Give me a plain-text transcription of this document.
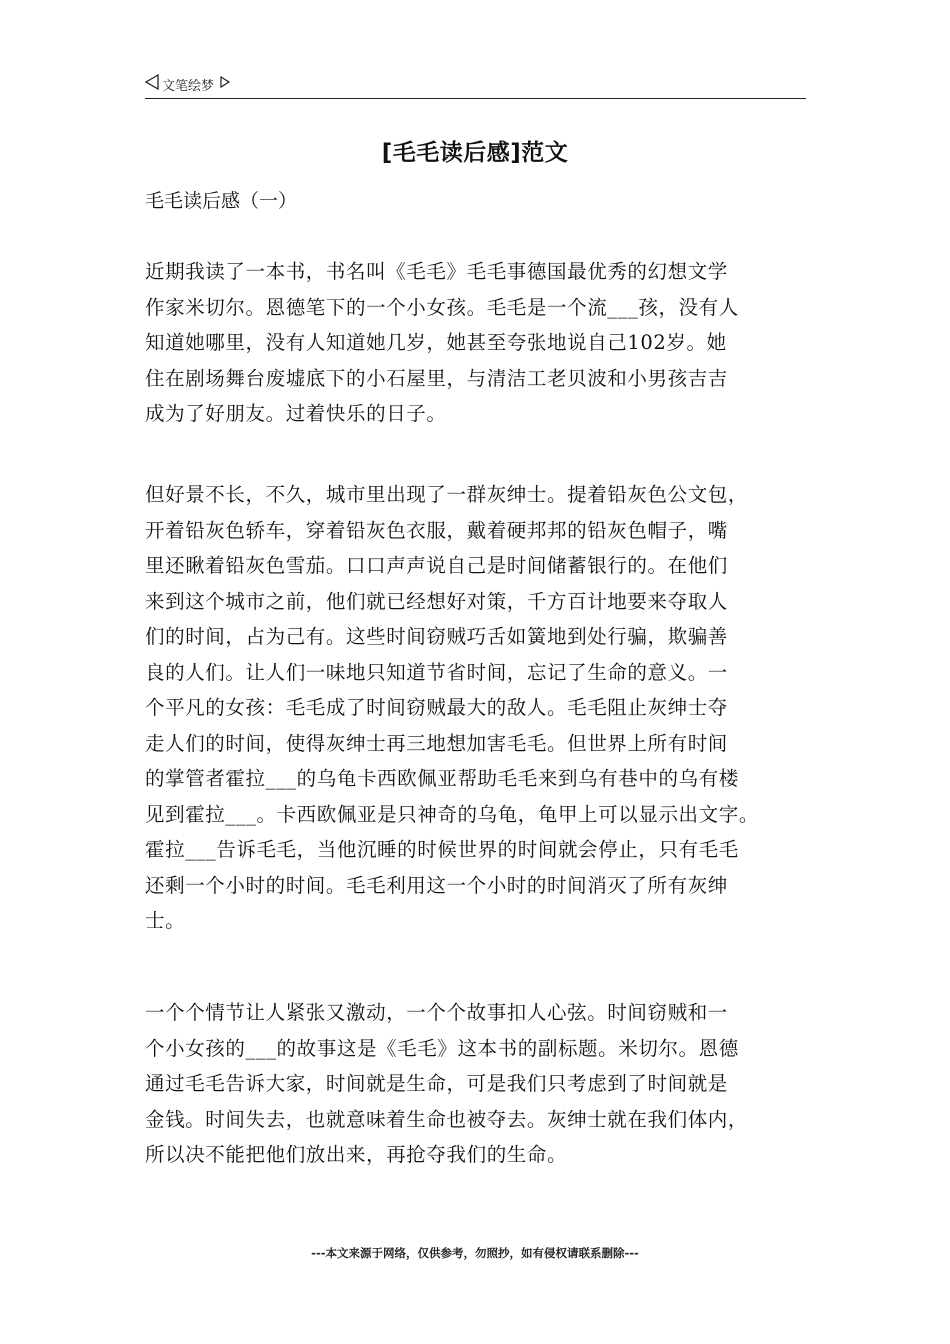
文笔绘梦
[毛毛读后感]范文
毛毛读后感（一）

近期我读了一本书，书名叫《毛毛》毛毛事德国最优秀的幻想文学
作家米切尔。恩德笔下的一个小女孩。毛毛是一个流___孩，没有人
知道她哪里，没有人知道她几岁，她甚至夸张地说自己102岁。她
住在剧场舞台废墟底下的小石屋里，与清洁工老贝波和小男孩吉吉
成为了好朋友。过着快乐的日子。

但好景不长，不久，城市里出现了一群灰绅士。提着铅灰色公文包，
开着铅灰色轿车，穿着铅灰色衣服，戴着硬邦邦的铅灰色帽子，嘴
里还瞅着铅灰色雪茄。口口声声说自己是时间储蓄银行的。在他们
来到这个城市之前，他们就已经想好对策，千方百计地要来夺取人
们的时间，占为己有。这些时间窃贼巧舌如簧地到处行骗，欺骗善
良的人们。让人们一味地只知道节省时间，忘记了生命的意义。一
个平凡的女孩：毛毛成了时间窃贼最大的敌人。毛毛阻止灰绅士夺
走人们的时间，使得灰绅士再三地想加害毛毛。但世界上所有时间
的掌管者霍拉___的乌龟卡西欧佩亚帮助毛毛来到乌有巷中的乌有楼
见到霍拉___。卡西欧佩亚是只神奇的乌龟，龟甲上可以显示出文字。
霍拉___告诉毛毛，当他沉睡的时候世界的时间就会停止，只有毛毛
还剩一个小时的时间。毛毛利用这一个小时的时间消灭了所有灰绅
士。

一个个情节让人紧张又激动，一个个故事扣人心弦。时间窃贼和一
个小女孩的___的故事这是《毛毛》这本书的副标题。米切尔。恩德
通过毛毛告诉大家，时间就是生命，可是我们只考虑到了时间就是
金钱。时间失去，也就意味着生命也被夺去。灰绅士就在我们体内，
所以决不能把他们放出来，再抢夺我们的生命。

---本文来源于网络，仅供参考，勿照抄，如有侵权请联系删除---
